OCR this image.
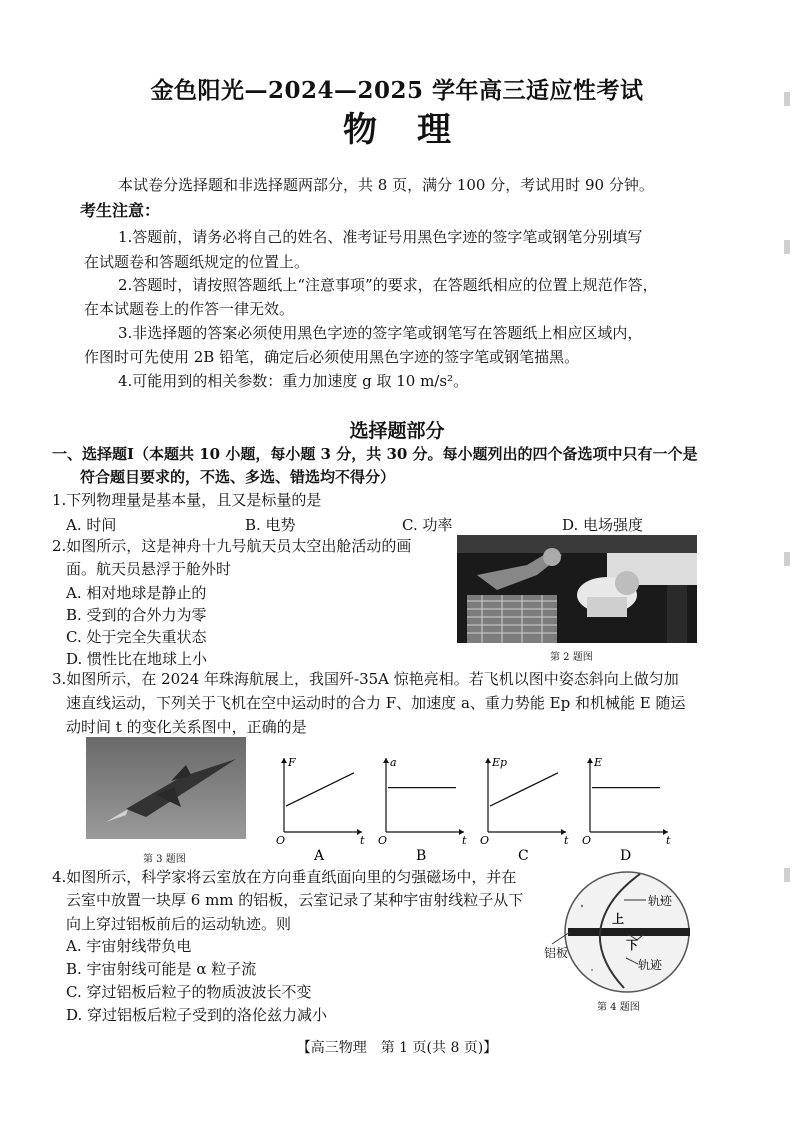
金色阳光—2024—2025 学年高三适应性考试
物理
本试卷分选择题和非选择题两部分，共 8 页，满分 100 分，考试用时 90 分钟。
考生注意：
1.答题前，请务必将自己的姓名、准考证号用黑色字迹的签字笔或钢笔分别填写
在试题卷和答题纸规定的位置上。
2.答题时，请按照答题纸上“注意事项”的要求，在答题纸相应的位置上规范作答，
在本试题卷上的作答一律无效。
3.非选择题的答案必须使用黑色字迹的签字笔或钢笔写在答题纸上相应区域内，
作图时可先使用 2B 铅笔，确定后必须使用黑色字迹的签字笔或钢笔描黑。
4.可能用到的相关参数：重力加速度 g 取 10 m/s²。
选择题部分
一、选择题Ⅰ（本题共 10 小题，每小题 3 分，共 30 分。每小题列出的四个备选项中只有一个是
符合题目要求的，不选、多选、错选均不得分）
1.下列物理量是基本量，且又是标量的是
A. 时间	B. 电势	C. 功率	D. 电场强度
2.如图所示，这是神舟十九号航天员太空出舱活动的画
面。航天员悬浮于舱外时
A. 相对地球是静止的
B. 受到的合外力为零
C. 处于完全失重状态
D. 惯性比在地球上小	第 2 题图
3.如图所示，在 2024 年珠海航展上，我国歼-35A 惊艳亮相。若飞机以图中姿态斜向上做匀加
速直线运动，下列关于飞机在空中运动时的合力 F、加速度 a、重力势能 Ep 和机械能 E 随运
动时间 t 的变化关系图中，正确的是
第 3 题图
F
t
O
A
a
t
O
B
Ep
t
O
C
E
t
O
D
4.如图所示，科学家将云室放在方向垂直纸面向里的匀强磁场中，并在
云室中放置一块厚 6 mm 的铝板，云室记录了某种宇宙射线粒子从下
向上穿过铝板前后的运动轨迹。则
A. 宇宙射线带负电
B. 宇宙射线可能是 α 粒子流
C. 穿过铝板后粒子的物质波波长不变
D. 穿过铝板后粒子受到的洛伦兹力减小
轨迹
上
下
铝板
轨迹
第 4 题图
【高三物理　第 1 页(共 8 页)】
